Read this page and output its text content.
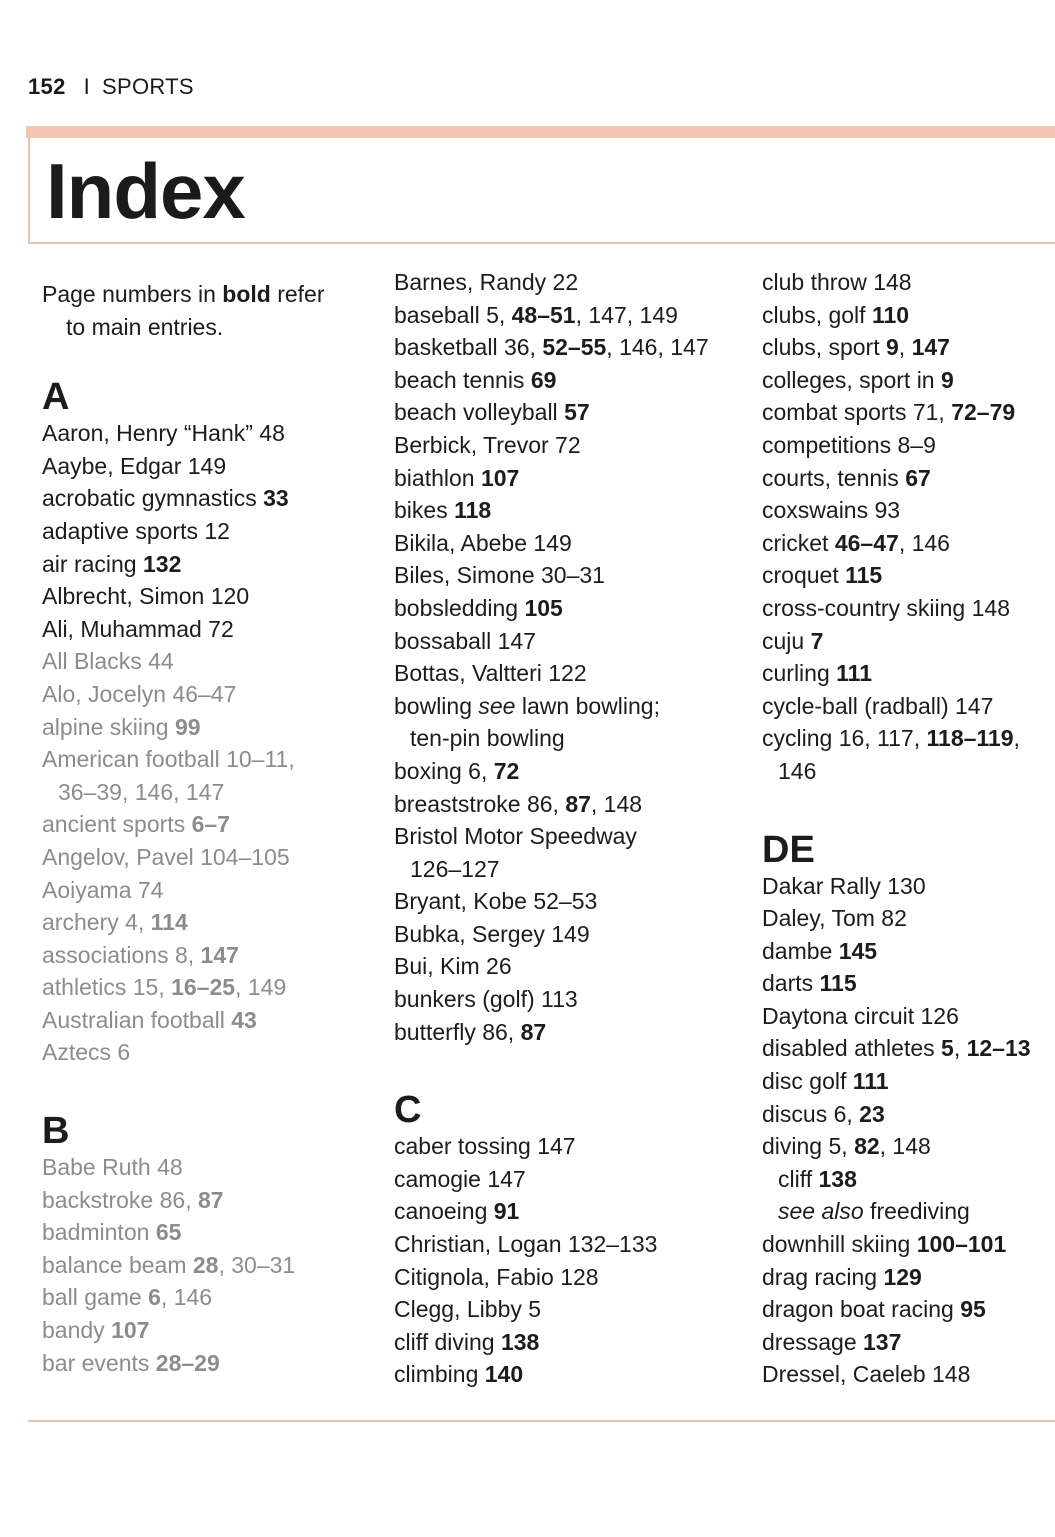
152 I SPORTS
Index
Page numbers in bold refer
to main entries.
A
Aaron, Henry “Hank” 48
Aaybe, Edgar 149
acrobatic gymnastics 33
adaptive sports 12
air racing 132
Albrecht, Simon 120
Ali, Muhammad 72
All Blacks 44
Alo, Jocelyn 46–47
alpine skiing 99
American football 10–11,
36–39, 146, 147
ancient sports 6–7
Angelov, Pavel 104–105
Aoiyama 74
archery 4, 114
associations 8, 147
athletics 15, 16–25, 149
Australian football 43
Aztecs 6
B
Babe Ruth 48
backstroke 86, 87
badminton 65
balance beam 28, 30–31
ball game 6, 146
bandy 107
bar events 28–29
Barnes, Randy 22
baseball 5, 48–51, 147, 149
basketball 36, 52–55, 146, 147
beach tennis 69
beach volleyball 57
Berbick, Trevor 72
biathlon 107
bikes 118
Bikila, Abebe 149
Biles, Simone 30–31
bobsledding 105
bossaball 147
Bottas, Valtteri 122
bowling see lawn bowling;
ten-pin bowling
boxing 6, 72
breaststroke 86, 87, 148
Bristol Motor Speedway
126–127
Bryant, Kobe 52–53
Bubka, Sergey 149
Bui, Kim 26
bunkers (golf) 113
butterfly 86, 87
C
caber tossing 147
camogie 147
canoeing 91
Christian, Logan 132–133
Citignola, Fabio 128
Clegg, Libby 5
cliff diving 138
climbing 140
club throw 148
clubs, golf 110
clubs, sport 9, 147
colleges, sport in 9
combat sports 71, 72–79
competitions 8–9
courts, tennis 67
coxswains 93
cricket 46–47, 146
croquet 115
cross-country skiing 148
cuju 7
curling 111
cycle-ball (radball) 147
cycling 16, 117, 118–119,
146
DE
Dakar Rally 130
Daley, Tom 82
dambe 145
darts 115
Daytona circuit 126
disabled athletes 5, 12–13
disc golf 111
discus 6, 23
diving 5, 82, 148
cliff 138
see also freediving
downhill skiing 100–101
drag racing 129
dragon boat racing 95
dressage 137
Dressel, Caeleb 148
